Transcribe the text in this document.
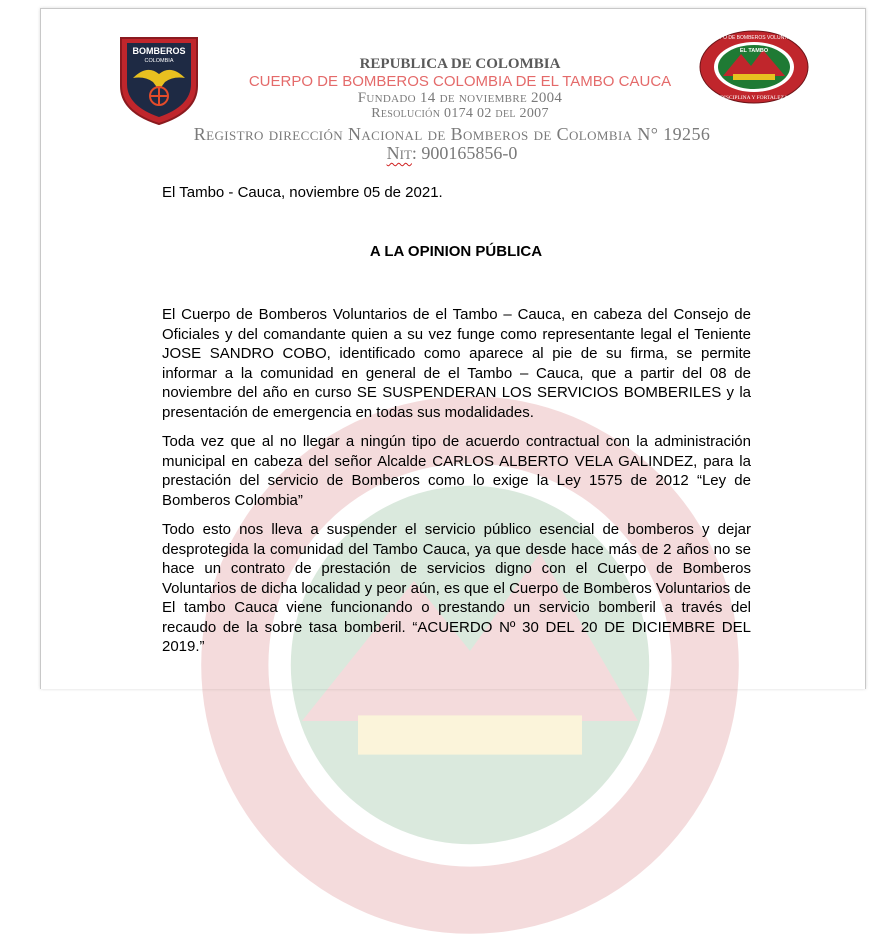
BOMBEROS
COLOMBIA
CUERPO DE BOMBEROS VOLUNTARIOS
EL TAMBO
DISCIPLINA Y FORTALEZA
REPUBLICA DE COLOMBIA
CUERPO DE BOMBEROS COLOMBIA DE EL TAMBO CAUCA
Fundado 14 de noviembre 2004
Resolución 0174 02 del 2007
Registro dirección Nacional de Bomberos de Colombia N° 19256
Nit: 900165856-0
El Tambo - Cauca, noviembre 05 de 2021.
A LA OPINION PÚBLICA

El Cuerpo de Bomberos Voluntarios de el Tambo – Cauca, en cabeza del Consejo de Oficiales y del comandante quien a su vez funge como representante legal el Teniente JOSE SANDRO COBO, identificado como aparece al pie de su firma, se permite informar a la comunidad en general de el Tambo – Cauca, que a partir del 08 de noviembre del año en curso SE SUSPENDERAN LOS SERVICIOS BOMBERILES y la presentación de emergencia en todas sus modalidades.

Toda vez que al no llegar a ningún tipo de acuerdo contractual con la administración municipal en cabeza del señor Alcalde CARLOS ALBERTO VELA GALINDEZ, para la prestación del servicio de Bomberos como lo exige la Ley 1575 de 2012 “Ley de Bomberos Colombia”

Todo esto nos lleva a suspender el servicio público esencial de bomberos y dejar desprotegida la comunidad del Tambo Cauca, ya que desde hace más de 2 años no se hace un contrato de prestación de servicios digno con el Cuerpo de Bomberos Voluntarios de dicha localidad y peor aún, es que el Cuerpo de Bomberos Voluntarios de El tambo Cauca viene funcionando o prestando un servicio bomberil a través del recaudo de la sobre tasa bomberil. “ACUERDO Nº 30 DEL 20 DE DICIEMBRE DEL 2019.”
